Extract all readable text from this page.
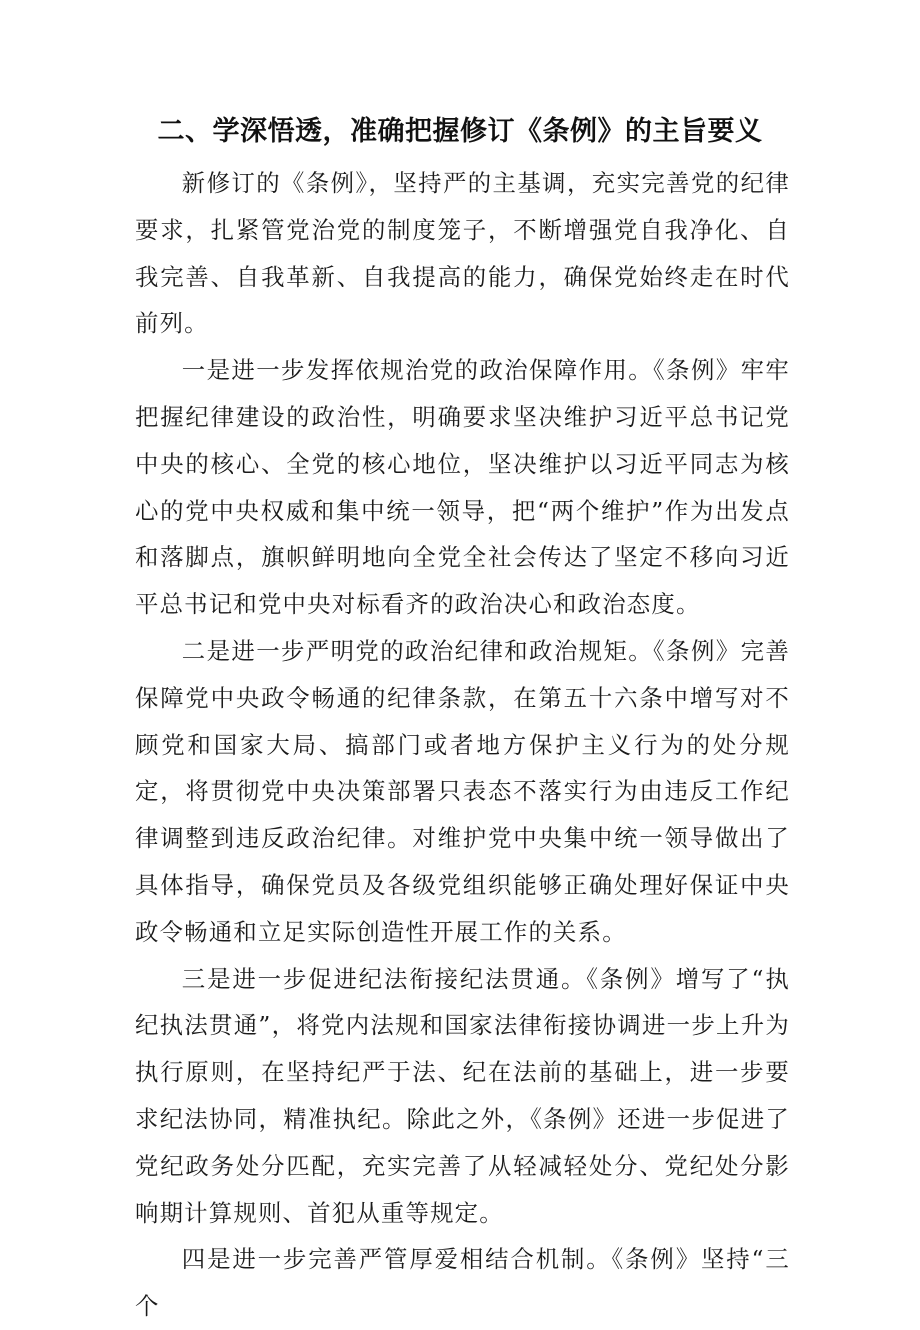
二、学深悟透，准确把握修订《条例》的主旨要义

新修订的《条例》，坚持严的主基调，充实完善党的纪律要求，扎紧管党治党的制度笼子，不断增强党自我净化、自我完善、自我革新、自我提高的能力，确保党始终走在时代前列。

一是进一步发挥依规治党的政治保障作用。《条例》牢牢把握纪律建设的政治性，明确要求坚决维护习近平总书记党中央的核心、全党的核心地位，坚决维护以习近平同志为核心的党中央权威和集中统一领导，把“两个维护”作为出发点和落脚点，旗帜鲜明地向全党全社会传达了坚定不移向习近平总书记和党中央对标看齐的政治决心和政治态度。

二是进一步严明党的政治纪律和政治规矩。《条例》完善保障党中央政令畅通的纪律条款，在第五十六条中增写对不顾党和国家大局、搞部门或者地方保护主义行为的处分规定，将贯彻党中央决策部署只表态不落实行为由违反工作纪律调整到违反政治纪律。对维护党中央集中统一领导做出了具体指导，确保党员及各级党组织能够正确处理好保证中央政令畅通和立足实际创造性开展工作的关系。

三是进一步促进纪法衔接纪法贯通。《条例》增写了“执纪执法贯通”，将党内法规和国家法律衔接协调进一步上升为执行原则，在坚持纪严于法、纪在法前的基础上，进一步要求纪法协同，精准执纪。除此之外，《条例》还进一步促进了党纪政务处分匹配，充实完善了从轻减轻处分、党纪处分影响期计算规则、首犯从重等规定。

四是进一步完善严管厚爱相结合机制。《条例》坚持“三个
